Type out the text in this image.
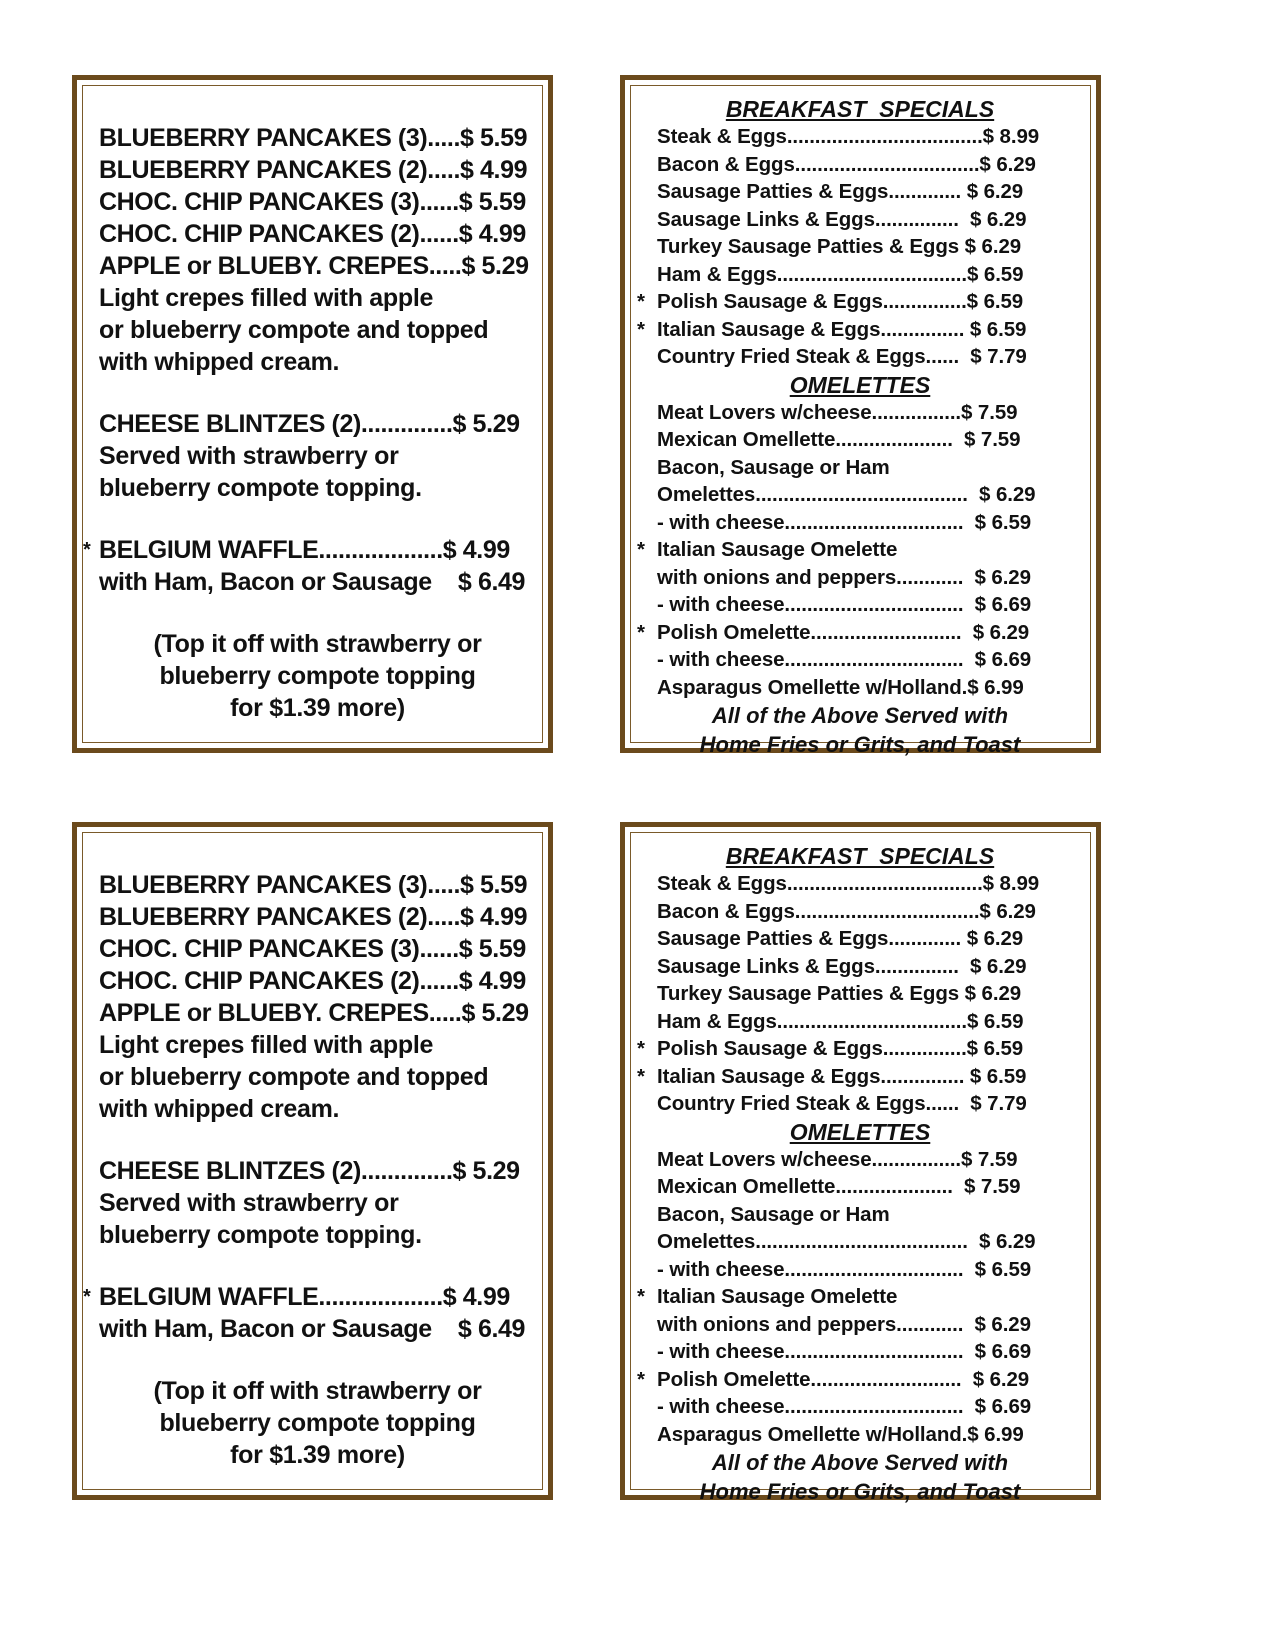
BLUEBERRY PANCAKES (3).....$ 5.59
BLUEBERRY PANCAKES (2).....$ 4.99
CHOC. CHIP PANCAKES (3)......$ 5.59
CHOC. CHIP PANCAKES (2)......$ 4.99
APPLE or BLUEBY. CREPES.....$ 5.29
Light crepes filled with apple
or blueberry compote and topped
with whipped cream.
CHEESE BLINTZES (2)..............$ 5.29
Served with strawberry or
blueberry compote topping.
* BELGIUM WAFFLE...................$ 4.99
with Ham, Bacon or Sausage    $ 6.49
(Top it off with strawberry or
blueberry compote topping
for $1.39 more)
BREAKFAST  SPECIALS
Steak & Eggs...................................$ 8.99
Bacon & Eggs.................................$ 6.29
Sausage Patties & Eggs............. $ 6.29
Sausage Links & Eggs...............  $ 6.29
Turkey Sausage Patties & Eggs $ 6.29
Ham & Eggs..................................$ 6.59
* Polish Sausage & Eggs...............$ 6.59
* Italian Sausage & Eggs............... $ 6.59
Country Fried Steak & Eggs......  $ 7.79
OMELETTES
Meat Lovers w/cheese................$ 7.59
Mexican Omellette.....................  $ 7.59
Bacon, Sausage or Ham
Omelettes......................................  $ 6.29
- with cheese................................  $ 6.59
* Italian Sausage Omelette
with onions and peppers............  $ 6.29
- with cheese................................  $ 6.69
* Polish Omelette...........................  $ 6.29
- with cheese................................  $ 6.69
Asparagus Omellette w/Holland.$ 6.99
All of the Above Served with
Home Fries or Grits, and Toast
BLUEBERRY PANCAKES (3).....$ 5.59
BLUEBERRY PANCAKES (2).....$ 4.99
CHOC. CHIP PANCAKES (3)......$ 5.59
CHOC. CHIP PANCAKES (2)......$ 4.99
APPLE or BLUEBY. CREPES.....$ 5.29
Light crepes filled with apple
or blueberry compote and topped
with whipped cream.
CHEESE BLINTZES (2)..............$ 5.29
Served with strawberry or
blueberry compote topping.
* BELGIUM WAFFLE...................$ 4.99
with Ham, Bacon or Sausage    $ 6.49
(Top it off with strawberry or
blueberry compote topping
for $1.39 more)
BREAKFAST  SPECIALS
Steak & Eggs...................................$ 8.99
Bacon & Eggs.................................$ 6.29
Sausage Patties & Eggs............. $ 6.29
Sausage Links & Eggs...............  $ 6.29
Turkey Sausage Patties & Eggs $ 6.29
Ham & Eggs..................................$ 6.59
* Polish Sausage & Eggs...............$ 6.59
* Italian Sausage & Eggs............... $ 6.59
Country Fried Steak & Eggs......  $ 7.79
OMELETTES
Meat Lovers w/cheese................$ 7.59
Mexican Omellette.....................  $ 7.59
Bacon, Sausage or Ham
Omelettes......................................  $ 6.29
- with cheese................................  $ 6.59
* Italian Sausage Omelette
with onions and peppers............  $ 6.29
- with cheese................................  $ 6.69
* Polish Omelette...........................  $ 6.29
- with cheese................................  $ 6.69
Asparagus Omellette w/Holland.$ 6.99
All of the Above Served with
Home Fries or Grits, and Toast
